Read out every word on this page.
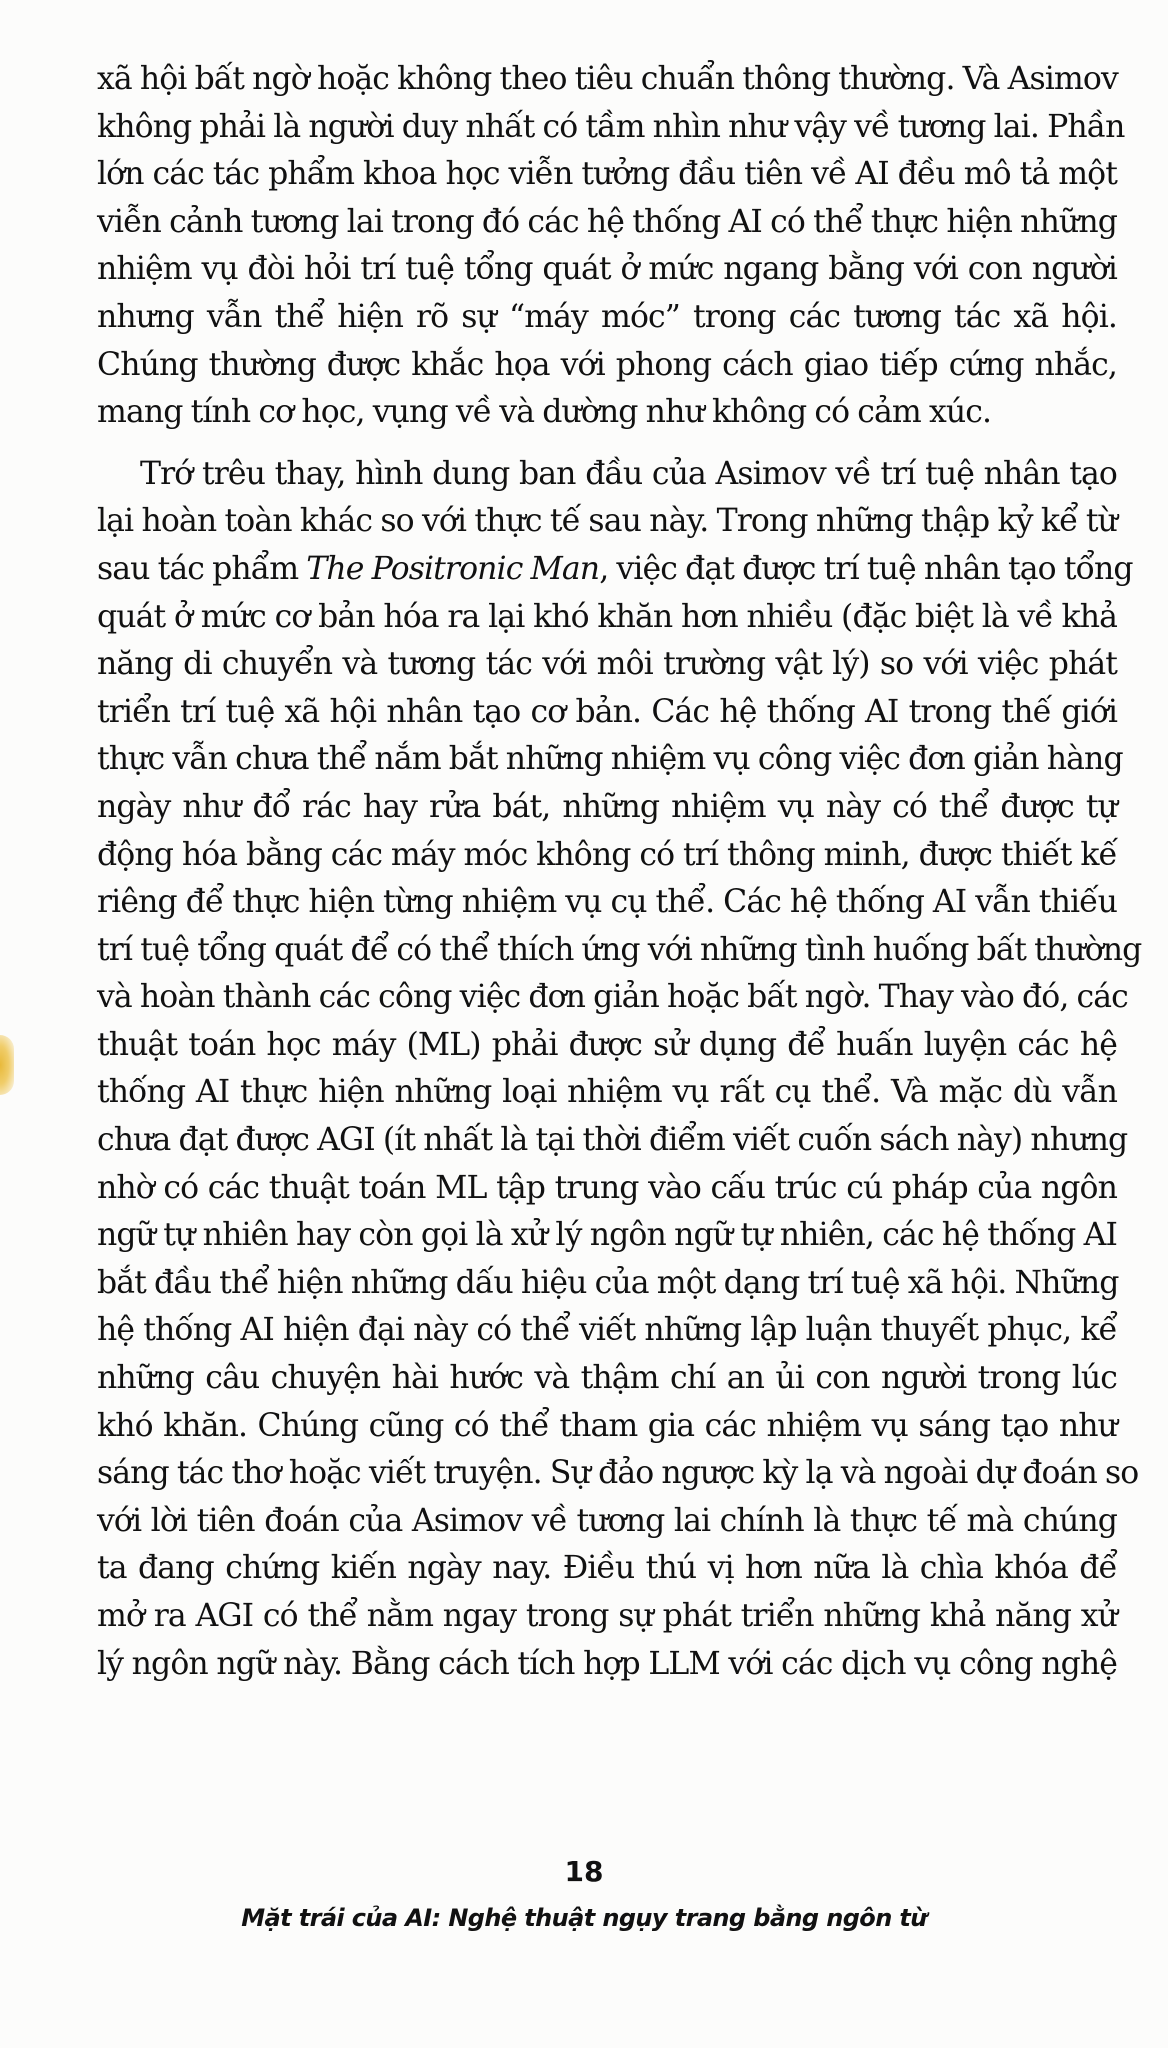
xã hội bất ngờ hoặc không theo tiêu chuẩn thông thường. Và Asimov
không phải là người duy nhất có tầm nhìn như vậy về tương lai. Phần
lớn các tác phẩm khoa học viễn tưởng đầu tiên về AI đều mô tả một
viễn cảnh tương lai trong đó các hệ thống AI có thể thực hiện những
nhiệm vụ đòi hỏi trí tuệ tổng quát ở mức ngang bằng với con người
nhưng vẫn thể hiện rõ sự “máy móc” trong các tương tác xã hội.
Chúng thường được khắc họa với phong cách giao tiếp cứng nhắc,
mang tính cơ học, vụng về và dường như không có cảm xúc.

Trớ trêu thay, hình dung ban đầu của Asimov về trí tuệ nhân tạo
lại hoàn toàn khác so với thực tế sau này. Trong những thập kỷ kể từ
sau tác phẩm The Positronic Man, việc đạt được trí tuệ nhân tạo tổng
quát ở mức cơ bản hóa ra lại khó khăn hơn nhiều (đặc biệt là về khả
năng di chuyển và tương tác với môi trường vật lý) so với việc phát
triển trí tuệ xã hội nhân tạo cơ bản. Các hệ thống AI trong thế giới
thực vẫn chưa thể nắm bắt những nhiệm vụ công việc đơn giản hàng
ngày như đổ rác hay rửa bát, những nhiệm vụ này có thể được tự
động hóa bằng các máy móc không có trí thông minh, được thiết kế
riêng để thực hiện từng nhiệm vụ cụ thể. Các hệ thống AI vẫn thiếu
trí tuệ tổng quát để có thể thích ứng với những tình huống bất thường
và hoàn thành các công việc đơn giản hoặc bất ngờ. Thay vào đó, các
thuật toán học máy (ML) phải được sử dụng để huấn luyện các hệ
thống AI thực hiện những loại nhiệm vụ rất cụ thể. Và mặc dù vẫn
chưa đạt được AGI (ít nhất là tại thời điểm viết cuốn sách này) nhưng
nhờ có các thuật toán ML tập trung vào cấu trúc cú pháp của ngôn
ngữ tự nhiên hay còn gọi là xử lý ngôn ngữ tự nhiên, các hệ thống AI
bắt đầu thể hiện những dấu hiệu của một dạng trí tuệ xã hội. Những
hệ thống AI hiện đại này có thể viết những lập luận thuyết phục, kể
những câu chuyện hài hước và thậm chí an ủi con người trong lúc
khó khăn. Chúng cũng có thể tham gia các nhiệm vụ sáng tạo như
sáng tác thơ hoặc viết truyện. Sự đảo ngược kỳ lạ và ngoài dự đoán so
với lời tiên đoán của Asimov về tương lai chính là thực tế mà chúng
ta đang chứng kiến ngày nay. Điều thú vị hơn nữa là chìa khóa để
mở ra AGI có thể nằm ngay trong sự phát triển những khả năng xử
lý ngôn ngữ này. Bằng cách tích hợp LLM với các dịch vụ công nghệ

18
Mặt trái của AI: Nghệ thuật ngụy trang bằng ngôn từ
